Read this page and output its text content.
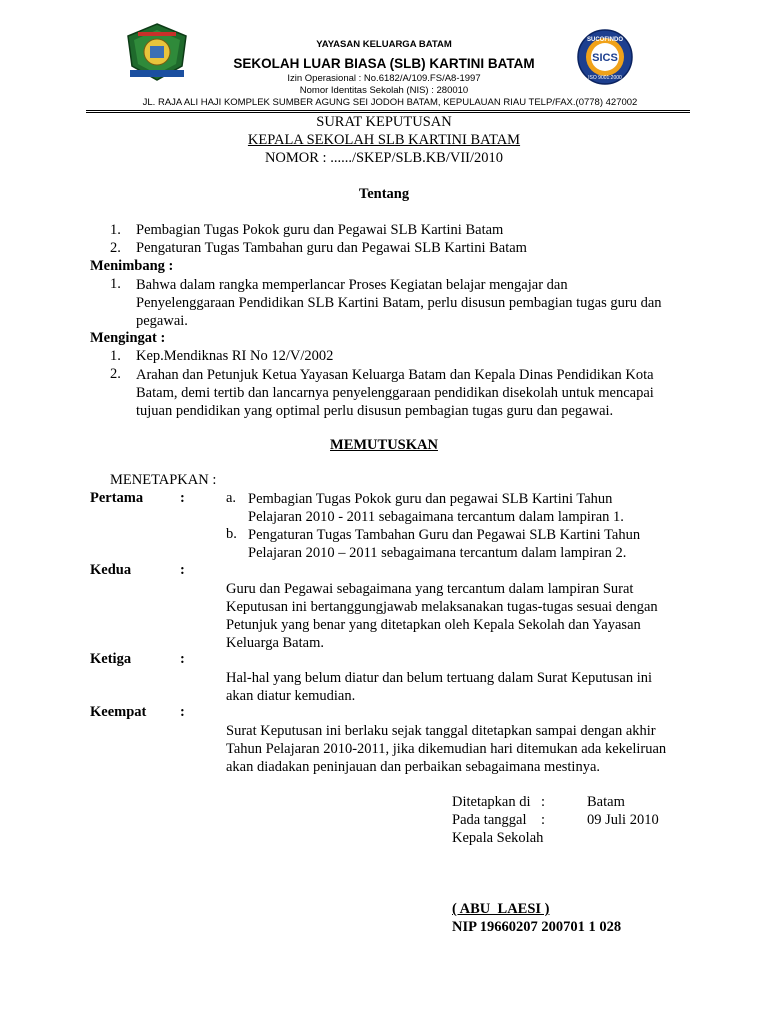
YAYASAN KELUARGA BATAM
SEKOLAH LUAR BIASA (SLB) KARTINI BATAM
Izin Operasional : No.6182/A/109.FS/A8-1997
Nomor Identitas Sekolah (NIS) : 280010
JL. RAJA ALI HAJI KOMPLEK SUMBER AGUNG SEI JODOH BATAM, KEPULAUAN RIAU TELP/FAX.(0778) 427002
SUCOFINDO
SICS
ISO 9001:2000
SURAT KEPUTUSAN
KEPALA SEKOLAH SLB KARTINI BATAM
NOMOR : ....../SKEP/SLB.KB/VII/2010
Tentang
1. Pembagian Tugas Pokok guru dan Pegawai SLB Kartini Batam
2. Pengaturan Tugas Tambahan guru dan Pegawai SLB Kartini Batam
Menimbang :
1. Bahwa dalam rangka memperlancar Proses Kegiatan belajar mengajar dan
Penyelenggaraan Pendidikan SLB Kartini Batam, perlu disusun pembagian tugas guru dan
pegawai.
Mengingat :
1. Kep.Mendiknas RI No 12/V/2002
2. Arahan dan Petunjuk Ketua Yayasan Keluarga Batam dan Kepala Dinas Pendidikan Kota
Batam, demi tertib dan lancarnya penyelenggaraan pendidikan disekolah untuk mencapai
tujuan pendidikan yang optimal perlu disusun pembagian tugas guru dan pegawai.
MEMUTUSKAN
MENETAPKAN :
Pertama	:	a. Pembagian Tugas Pokok guru dan pegawai SLB Kartini Tahun
Pelajaran 2010 - 2011 sebagaimana tercantum dalam lampiran 1.
b. Pengaturan Tugas Tambahan Guru dan Pegawai SLB Kartini Tahun
Pelajaran 2010 – 2011 sebagaimana tercantum dalam lampiran 2.
Kedua	:
Guru dan Pegawai sebagaimana yang tercantum dalam lampiran Surat
Keputusan ini bertanggungjawab melaksanakan tugas-tugas sesuai dengan
Petunjuk yang benar yang ditetapkan oleh Kepala Sekolah dan Yayasan
Keluarga Batam.
Ketiga	:
Hal-hal yang belum diatur dan belum tertuang dalam Surat Keputusan ini
akan diatur kemudian.
Keempat :
Surat Keputusan ini berlaku sejak tanggal ditetapkan sampai dengan akhir
Tahun Pelajaran 2010-2011, jika dikemudian hari ditemukan ada kekeliruan
akan diadakan peninjauan dan perbaikan sebagaimana mestinya.
Ditetapkan di :	Batam
Pada tanggal :	09 Juli 2010
Kepala Sekolah
( ABU  LAESI )
NIP 19660207 200701 1 028
